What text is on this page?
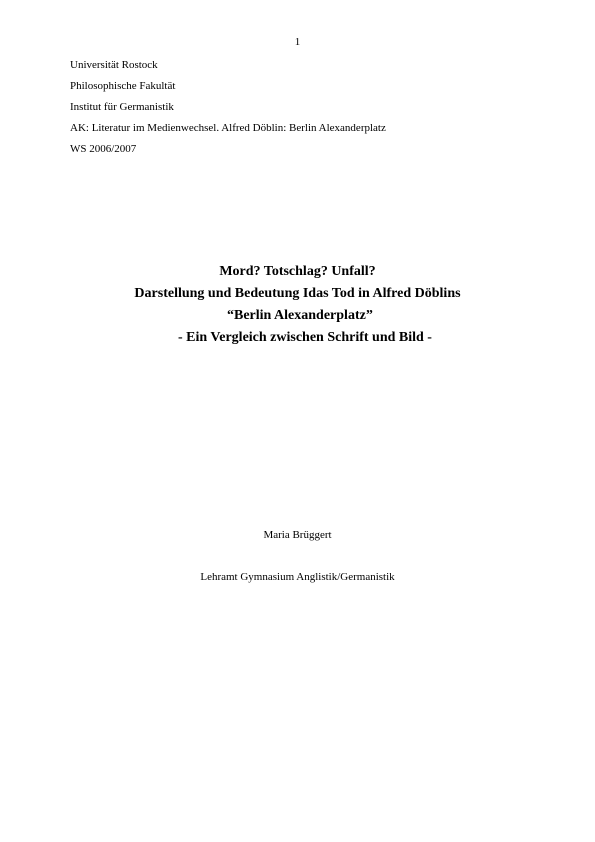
1
Universität Rostock
Philosophische Fakultät
Institut für Germanistik
AK: Literatur im Medienwechsel. Alfred Döblin: Berlin Alexanderplatz
WS 2006/2007
Mord? Totschlag? Unfall?
Darstellung und Bedeutung Idas Tod in Alfred Döblins
“Berlin Alexanderplatz”
- Ein Vergleich zwischen Schrift und Bild -
Maria Brüggert
Lehramt Gymnasium Anglistik/Germanistik
